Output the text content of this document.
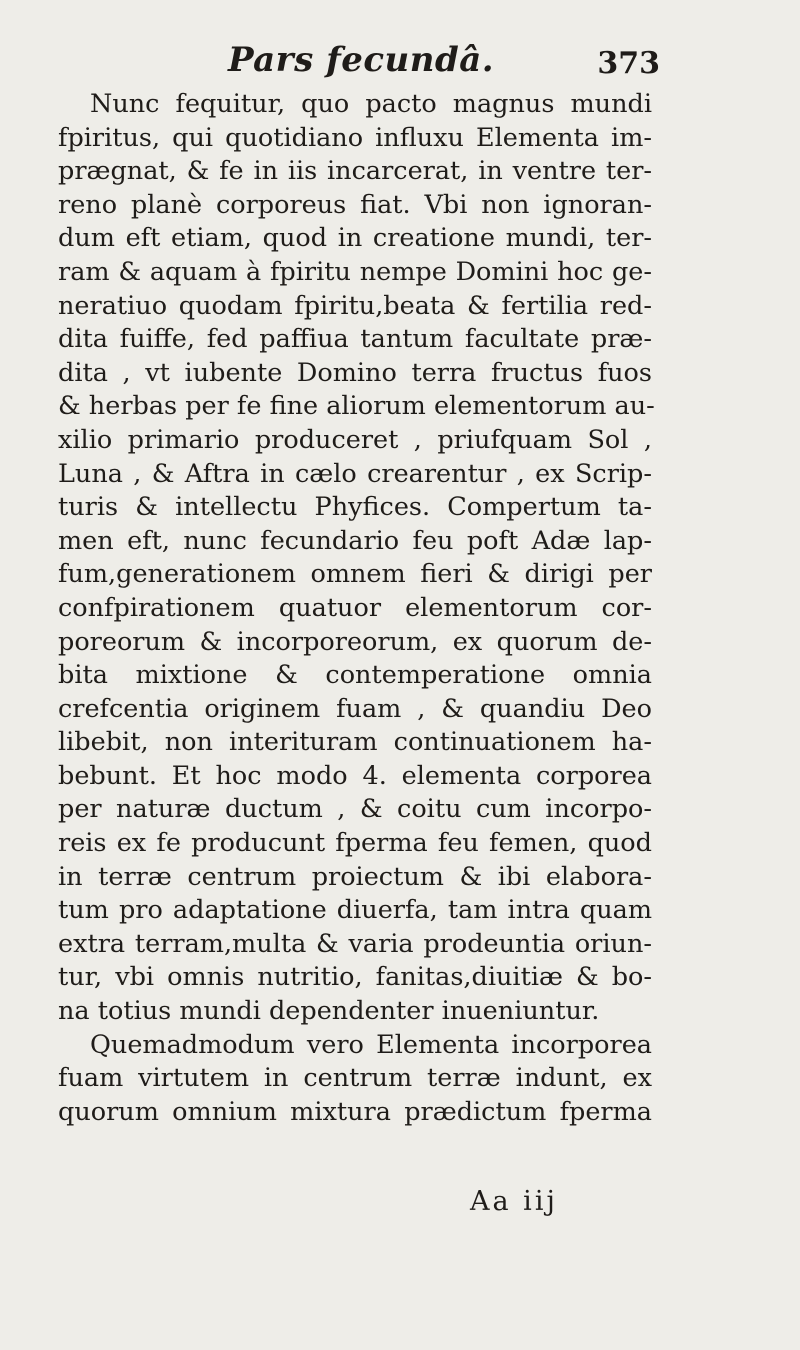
Pars fecundâ.	373
Nunc fequitur, quo pacto magnus mundi
fpiritus, qui quotidiano influxu Elementa im-
prægnat, & fe in iis incarcerat, in ventre ter-
reno planè corporeus fiat. Vbi non ignoran-
dum eft etiam, quod in creatione mundi, ter-
ram & aquam à fpiritu nempe Domini hoc ge-
neratiuo quodam fpiritu,beata & fertilia red-
dita fuiffe, fed paffiua tantum facultate præ-
dita , vt iubente Domino terra fructus fuos
& herbas per fe fine aliorum elementorum au-
xilio primario produceret , priufquam Sol ,
Luna , & Aftra in cælo crearentur , ex Scrip-
turis & intellectu Phyfices. Compertum ta-
men eft, nunc fecundario feu poft Adæ lap-
fum,generationem omnem fieri & dirigi per
confpirationem quatuor elementorum cor-
poreorum & incorporeorum, ex quorum de-
bita mixtione & contemperatione omnia
crefcentia originem fuam , & quandiu Deo
libebit, non interituram continuationem ha-
bebunt. Et hoc modo 4. elementa corporea
per naturæ ductum , & coitu cum incorpo-
reis ex fe producunt fperma feu femen, quod
in terræ centrum proiectum & ibi elabora-
tum pro adaptatione diuerfa, tam intra quam
extra terram,multa & varia prodeuntia oriun-
tur, vbi omnis nutritio, fanitas,diuitiæ & bo-
na totius mundi dependenter inueniuntur.
Quemadmodum vero Elementa incorporea
fuam virtutem in centrum terræ indunt, ex
quorum omnium mixtura prædictum fperma
Aa iij
